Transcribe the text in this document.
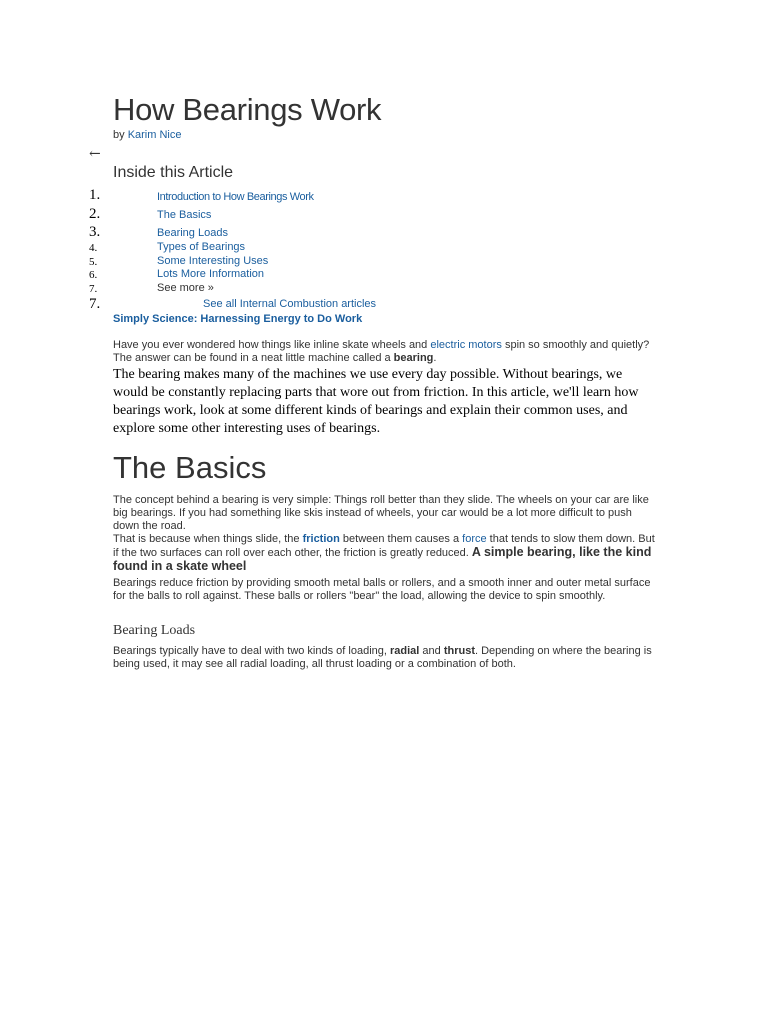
How Bearings Work
by Karim Nice
←
Inside this Article
1.	Introduction to How Bearings Work
2.	The Basics
3.	Bearing Loads
4.	Types of Bearings
5.	Some Interesting Uses
6.	Lots More Information
7.	See more »
7.	See all Internal Combustion articles
Simply Science: Harnessing Energy to Do Work

Have you ever wondered how things like inline skate wheels and electric motors spin so smoothly and quietly? The answer can be found in a neat little machine called a bearing.

The bearing makes many of the machines we use every day possible. Without bearings, we would be constantly replacing parts that wore out from friction. In this article, we'll learn how bearings work, look at some different kinds of bearings and explain their common uses, and explore some other interesting uses of bearings.

The Basics

The concept behind a bearing is very simple: Things roll better than they slide. The wheels on your car are like big bearings. If you had something like skis instead of wheels, your car would be a lot more difficult to push down the road.

That is because when things slide, the friction between them causes a force that tends to slow them down. But if the two surfaces can roll over each other, the friction is greatly reduced. A simple bearing, like the kind found in a skate wheel

Bearings reduce friction by providing smooth metal balls or rollers, and a smooth inner and outer metal surface for the balls to roll against. These balls or rollers "bear" the load, allowing the device to spin smoothly.

Bearing Loads

Bearings typically have to deal with two kinds of loading, radial and thrust. Depending on where the bearing is being used, it may see all radial loading, all thrust loading or a combination of both.
